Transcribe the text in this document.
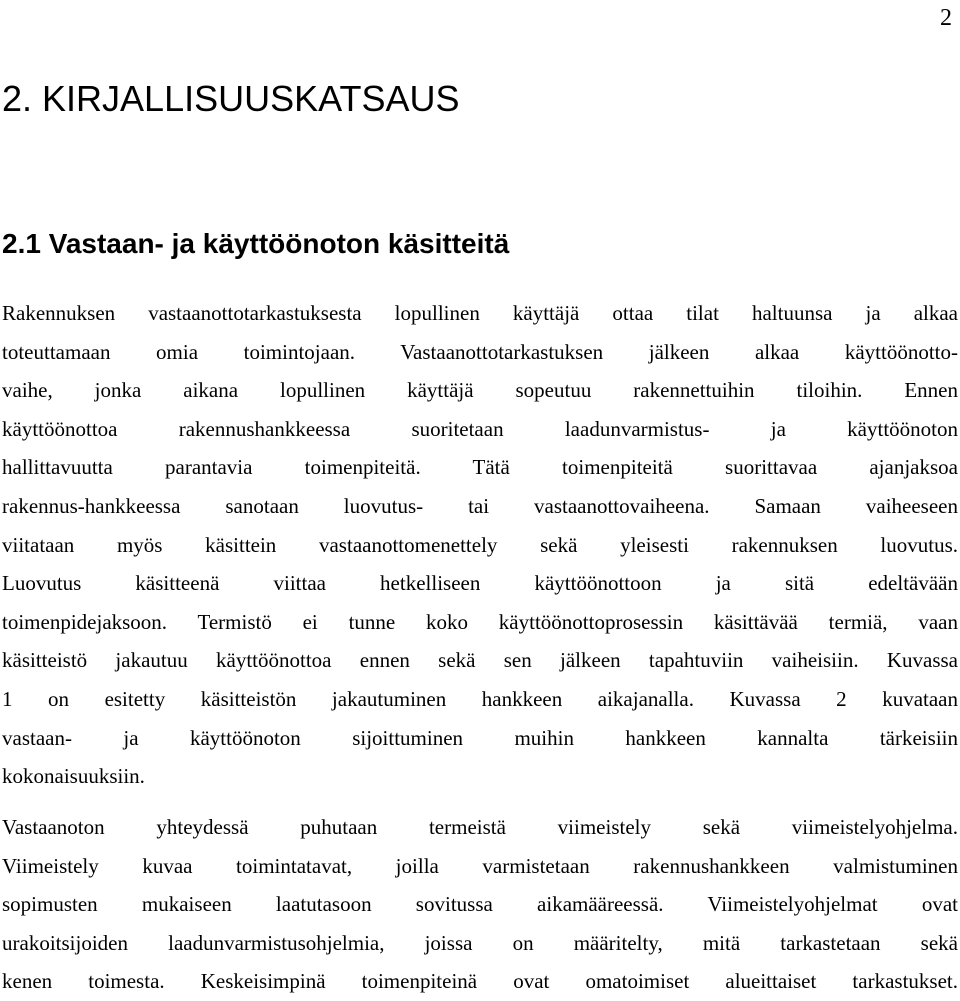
2
2. KIRJALLISUUSKATSAUS
2.1 Vastaan- ja käyttöönoton käsitteitä
Rakennuksen vastaanottotarkastuksesta lopullinen käyttäjä ottaa tilat haltuunsa ja alkaa
toteuttamaan omia toimintojaan. Vastaanottotarkastuksen jälkeen alkaa käyttöönotto-
vaihe, jonka aikana lopullinen käyttäjä sopeutuu rakennettuihin tiloihin. Ennen
käyttöönottoa rakennushankkeessa suoritetaan laadunvarmistus- ja käyttöönoton
hallittavuutta parantavia toimenpiteitä. Tätä toimenpiteitä suorittavaa ajanjaksoa
rakennus-hankkeessa sanotaan luovutus- tai vastaanottovaiheena. Samaan vaiheeseen
viitataan myös käsittein vastaanottomenettely sekä yleisesti rakennuksen luovutus.
Luovutus käsitteenä viittaa hetkelliseen käyttöönottoon ja sitä edeltävään
toimenpidejaksoon. Termistö ei tunne koko käyttöönottoprosessin käsittävää termiä, vaan
käsitteistö jakautuu käyttöönottoa ennen sekä sen jälkeen tapahtuviin vaiheisiin. Kuvassa
1 on esitetty käsitteistön jakautuminen hankkeen aikajanalla. Kuvassa 2 kuvataan
vastaan- ja käyttöönoton sijoittuminen muihin hankkeen kannalta tärkeisiin
kokonaisuuksiin.
Vastaanoton yhteydessä puhutaan termeistä viimeistely sekä viimeistelyohjelma.
Viimeistely kuvaa toimintatavat, joilla varmistetaan rakennushankkeen valmistuminen
sopimusten mukaiseen laatutasoon sovitussa aikamääreessä. Viimeistelyohjelmat ovat
urakoitsijoiden laadunvarmistusohjelmia, joissa on määritelty, mitä tarkastetaan sekä
kenen toimesta. Keskeisimpinä toimenpiteinä ovat omatoimiset alueittaiset tarkastukset.
